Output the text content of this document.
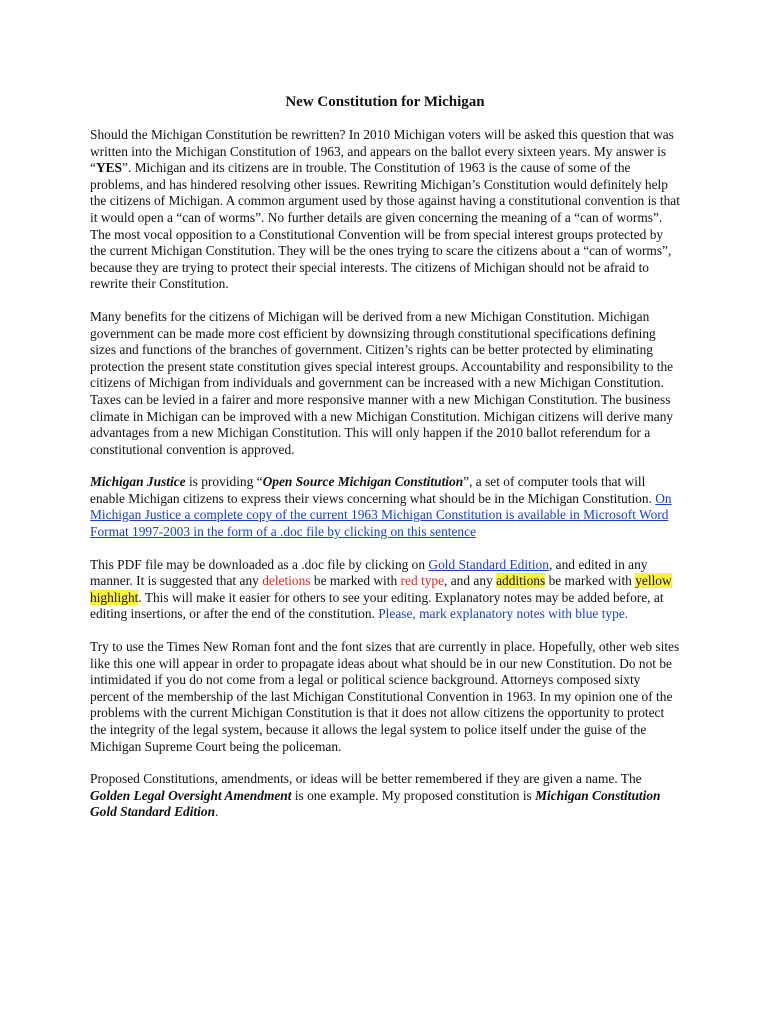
New Constitution for Michigan

Should the Michigan Constitution be rewritten? In 2010 Michigan voters will be asked this question that was written into the Michigan Constitution of 1963, and appears on the ballot every sixteen years. My answer is “YES”. Michigan and its citizens are in trouble. The Constitution of 1963 is the cause of some of the problems, and has hindered resolving other issues. Rewriting Michigan’s Constitution would definitely help the citizens of Michigan. A common argument used by those against having a constitutional convention is that it would open a “can of worms”. No further details are given concerning the meaning of a “can of worms”. The most vocal opposition to a Constitutional Convention will be from special interest groups protected by the current Michigan Constitution. They will be the ones trying to scare the citizens about a “can of worms”, because they are trying to protect their special interests. The citizens of Michigan should not be afraid to rewrite their Constitution.

Many benefits for the citizens of Michigan will be derived from a new Michigan Constitution. Michigan government can be made more cost efficient by downsizing through constitutional specifications defining sizes and functions of the branches of government. Citizen’s rights can be better protected by eliminating protection the present state constitution gives special interest groups. Accountability and responsibility to the citizens of Michigan from individuals and government can be increased with a new Michigan Constitution. Taxes can be levied in a fairer and more responsive manner with a new Michigan Constitution. The business climate in Michigan can be improved with a new Michigan Constitution. Michigan citizens will derive many advantages from a new Michigan Constitution. This will only happen if the 2010 ballot referendum for a constitutional convention is approved.

Michigan Justice is providing “Open Source Michigan Constitution”, a set of computer tools that will enable Michigan citizens to express their views concerning what should be in the Michigan Constitution. On Michigan Justice a complete copy of the current 1963 Michigan Constitution is available in Microsoft Word Format 1997-2003 in the form of a .doc file by clicking on this sentence

This PDF file may be downloaded as a .doc file by clicking on Gold Standard Edition, and edited in any manner. It is suggested that any deletions be marked with red type, and any additions be marked with yellow highlight. This will make it easier for others to see your editing. Explanatory notes may be added before, at editing insertions, or after the end of the constitution. Please, mark explanatory notes with blue type.

Try to use the Times New Roman font and the font sizes that are currently in place. Hopefully, other web sites like this one will appear in order to propagate ideas about what should be in our new Constitution. Do not be intimidated if you do not come from a legal or political science background. Attorneys composed sixty percent of the membership of the last Michigan Constitutional Convention in 1963. In my opinion one of the problems with the current Michigan Constitution is that it does not allow citizens the opportunity to protect the integrity of the legal system, because it allows the legal system to police itself under the guise of the Michigan Supreme Court being the policeman.

Proposed Constitutions, amendments, or ideas will be better remembered if they are given a name. The Golden Legal Oversight Amendment is one example. My proposed constitution is Michigan Constitution Gold Standard Edition.
